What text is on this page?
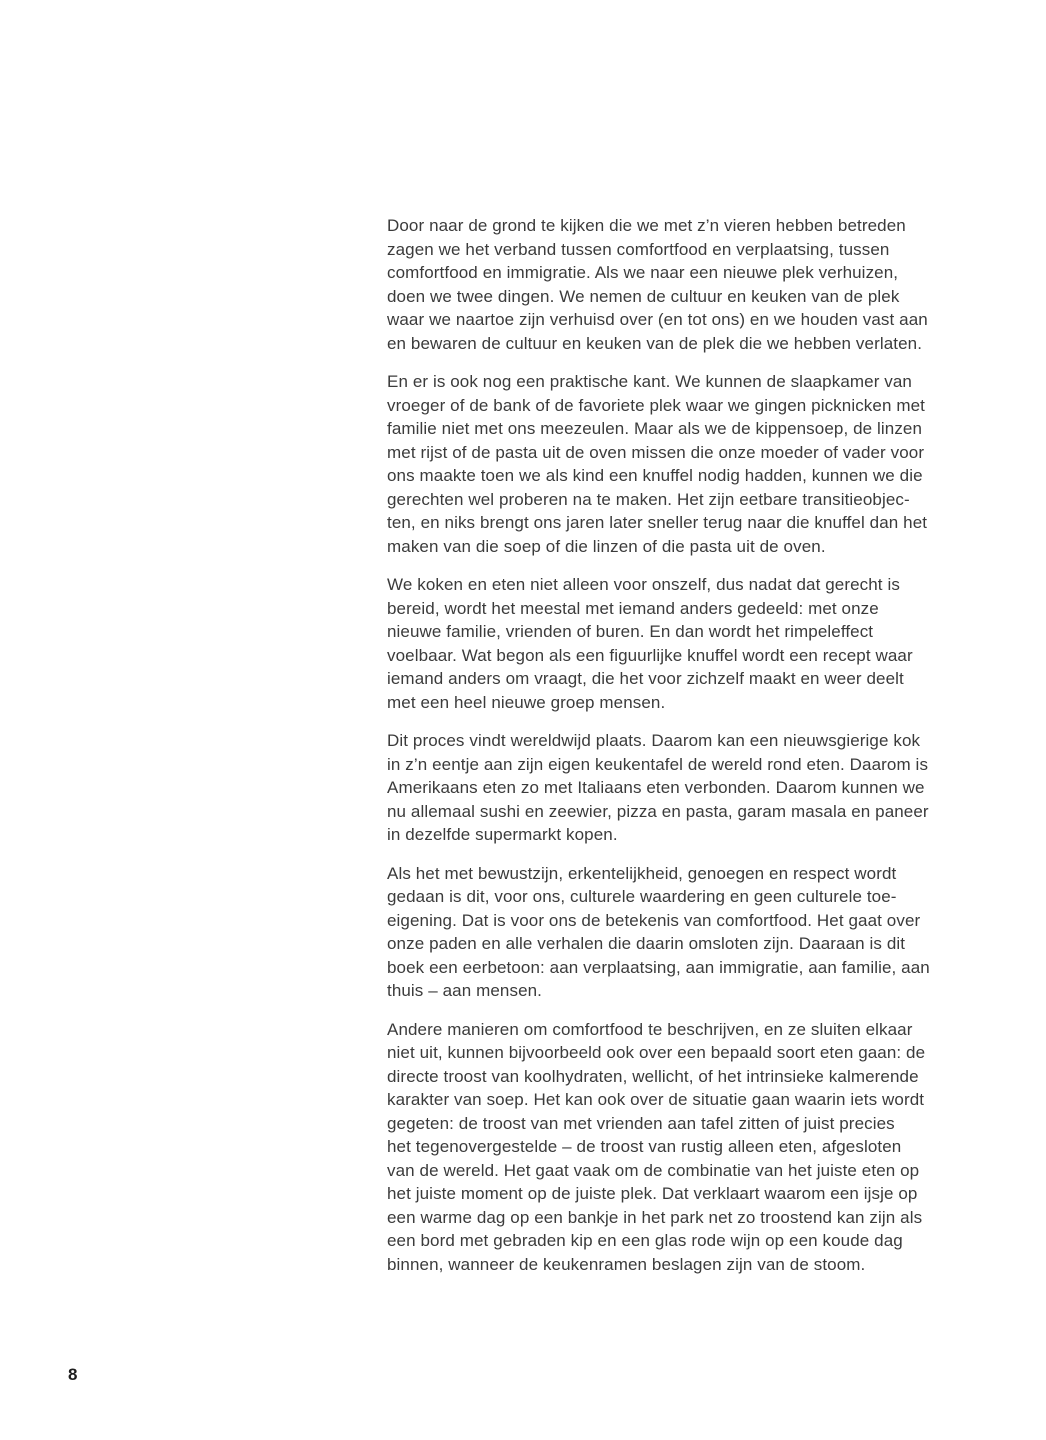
Door naar de grond te kijken die we met z’n vieren hebben betreden
zagen we het verband tussen comfortfood en verplaatsing, tussen
comfortfood en immigratie. Als we naar een nieuwe plek verhuizen,
doen we twee dingen. We nemen de cultuur en keuken van de plek
waar we naartoe zijn verhuisd over (en tot ons) en we houden vast aan
en bewaren de cultuur en keuken van de plek die we hebben verlaten.

En er is ook nog een praktische kant. We kunnen de slaapkamer van
vroeger of de bank of de favoriete plek waar we gingen picknicken met
familie niet met ons meezeulen. Maar als we de kippensoep, de linzen
met rijst of de pasta uit de oven missen die onze moeder of vader voor
ons maakte toen we als kind een knuffel nodig hadden, kunnen we die
gerechten wel proberen na te maken. Het zijn eetbare transitieobjec-
ten, en niks brengt ons jaren later sneller terug naar die knuffel dan het
maken van die soep of die linzen of die pasta uit de oven.

We koken en eten niet alleen voor onszelf, dus nadat dat gerecht is
bereid, wordt het meestal met iemand anders gedeeld: met onze
nieuwe familie, vrienden of buren. En dan wordt het rimpeleffect
voelbaar. Wat begon als een figuurlijke knuffel wordt een recept waar
iemand anders om vraagt, die het voor zichzelf maakt en weer deelt
met een heel nieuwe groep mensen.

Dit proces vindt wereldwijd plaats. Daarom kan een nieuwsgierige kok
in z’n eentje aan zijn eigen keukentafel de wereld rond eten. Daarom is
Amerikaans eten zo met Italiaans eten verbonden. Daarom kunnen we
nu allemaal sushi en zeewier, pizza en pasta, garam masala en paneer
in dezelfde supermarkt kopen.

Als het met bewustzijn, erkentelijkheid, genoegen en respect wordt
gedaan is dit, voor ons, culturele waardering en geen culturele toe-
eigening. Dat is voor ons de betekenis van comfortfood. Het gaat over
onze paden en alle verhalen die daarin omsloten zijn. Daaraan is dit
boek een eerbetoon: aan verplaatsing, aan immigratie, aan familie, aan
thuis – aan mensen.

Andere manieren om comfortfood te beschrijven, en ze sluiten elkaar
niet uit, kunnen bijvoorbeeld ook over een bepaald soort eten gaan: de
directe troost van koolhydraten, wellicht, of het intrinsieke kalmerende
karakter van soep. Het kan ook over de situatie gaan waarin iets wordt
gegeten: de troost van met vrienden aan tafel zitten of juist precies
het tegenovergestelde – de troost van rustig alleen eten, afgesloten
van de wereld. Het gaat vaak om de combinatie van het juiste eten op
het juiste moment op de juiste plek. Dat verklaart waarom een ijsje op
een warme dag op een bankje in het park net zo troostend kan zijn als
een bord met gebraden kip en een glas rode wijn op een koude dag
binnen, wanneer de keukenramen beslagen zijn van de stoom.

8
